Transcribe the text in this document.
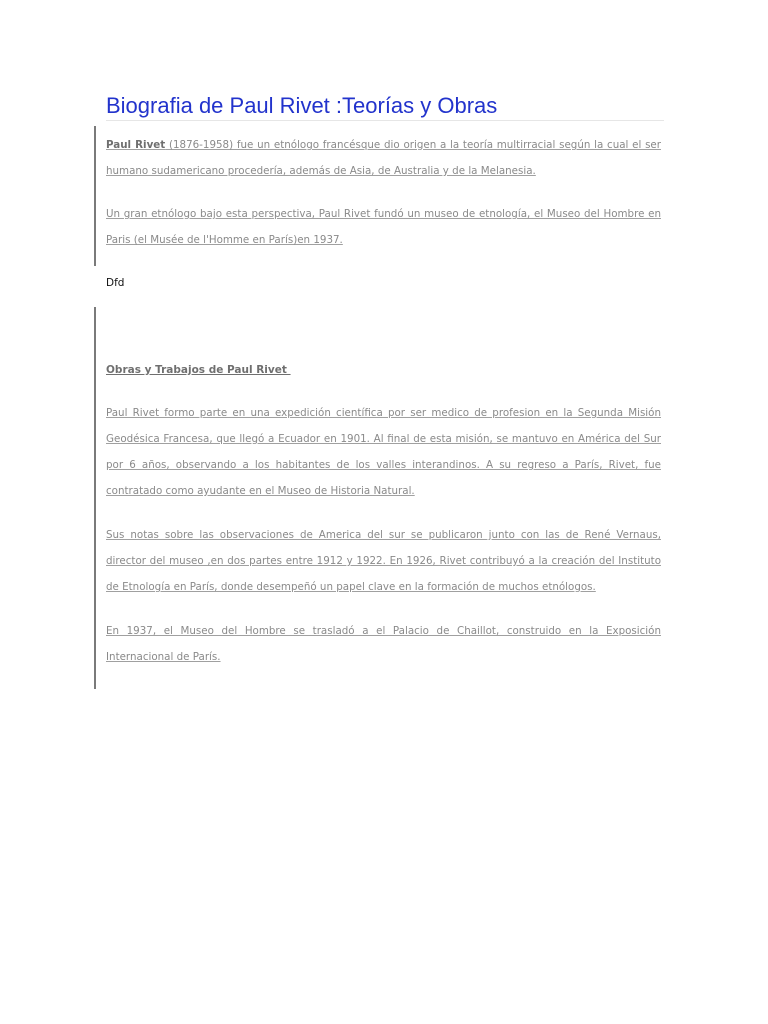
Biografia de Paul Rivet :Teorías y Obras
Paul Rivet (1876-1958) fue un etnólogo francésque dio origen a la teoría multirracial según la cual el ser humano sudamericano procedería, además de Asia, de Australia y de la Melanesia.
Un gran etnólogo bajo esta perspectiva, Paul Rivet fundó un museo de etnología, el Museo del Hombre en Paris (el Musée de l'Homme en París)en 1937.
Dfd
Obras y Trabajos de Paul Rivet
Paul Rivet formo parte en una expedición científica por ser medico de profesion en la Segunda Misión Geodésica Francesa, que llegó a Ecuador en 1901. Al final de esta misión, se mantuvo en América del Sur por 6 años, observando a los habitantes de los valles interandinos. A su regreso a París, Rivet, fue contratado como ayudante en el Museo de Historia Natural.
Sus notas sobre las observaciones de America del sur se publicaron junto con las de René Vernaus, director del museo ,en dos partes entre 1912 y 1922. En 1926, Rivet contribuyó a la creación del Instituto de Etnología en París, donde desempeñó un papel clave en la formación de muchos etnólogos.
En 1937, el Museo del Hombre se trasladó a el Palacio de Chaillot, construido en la Exposición Internacional de París.
